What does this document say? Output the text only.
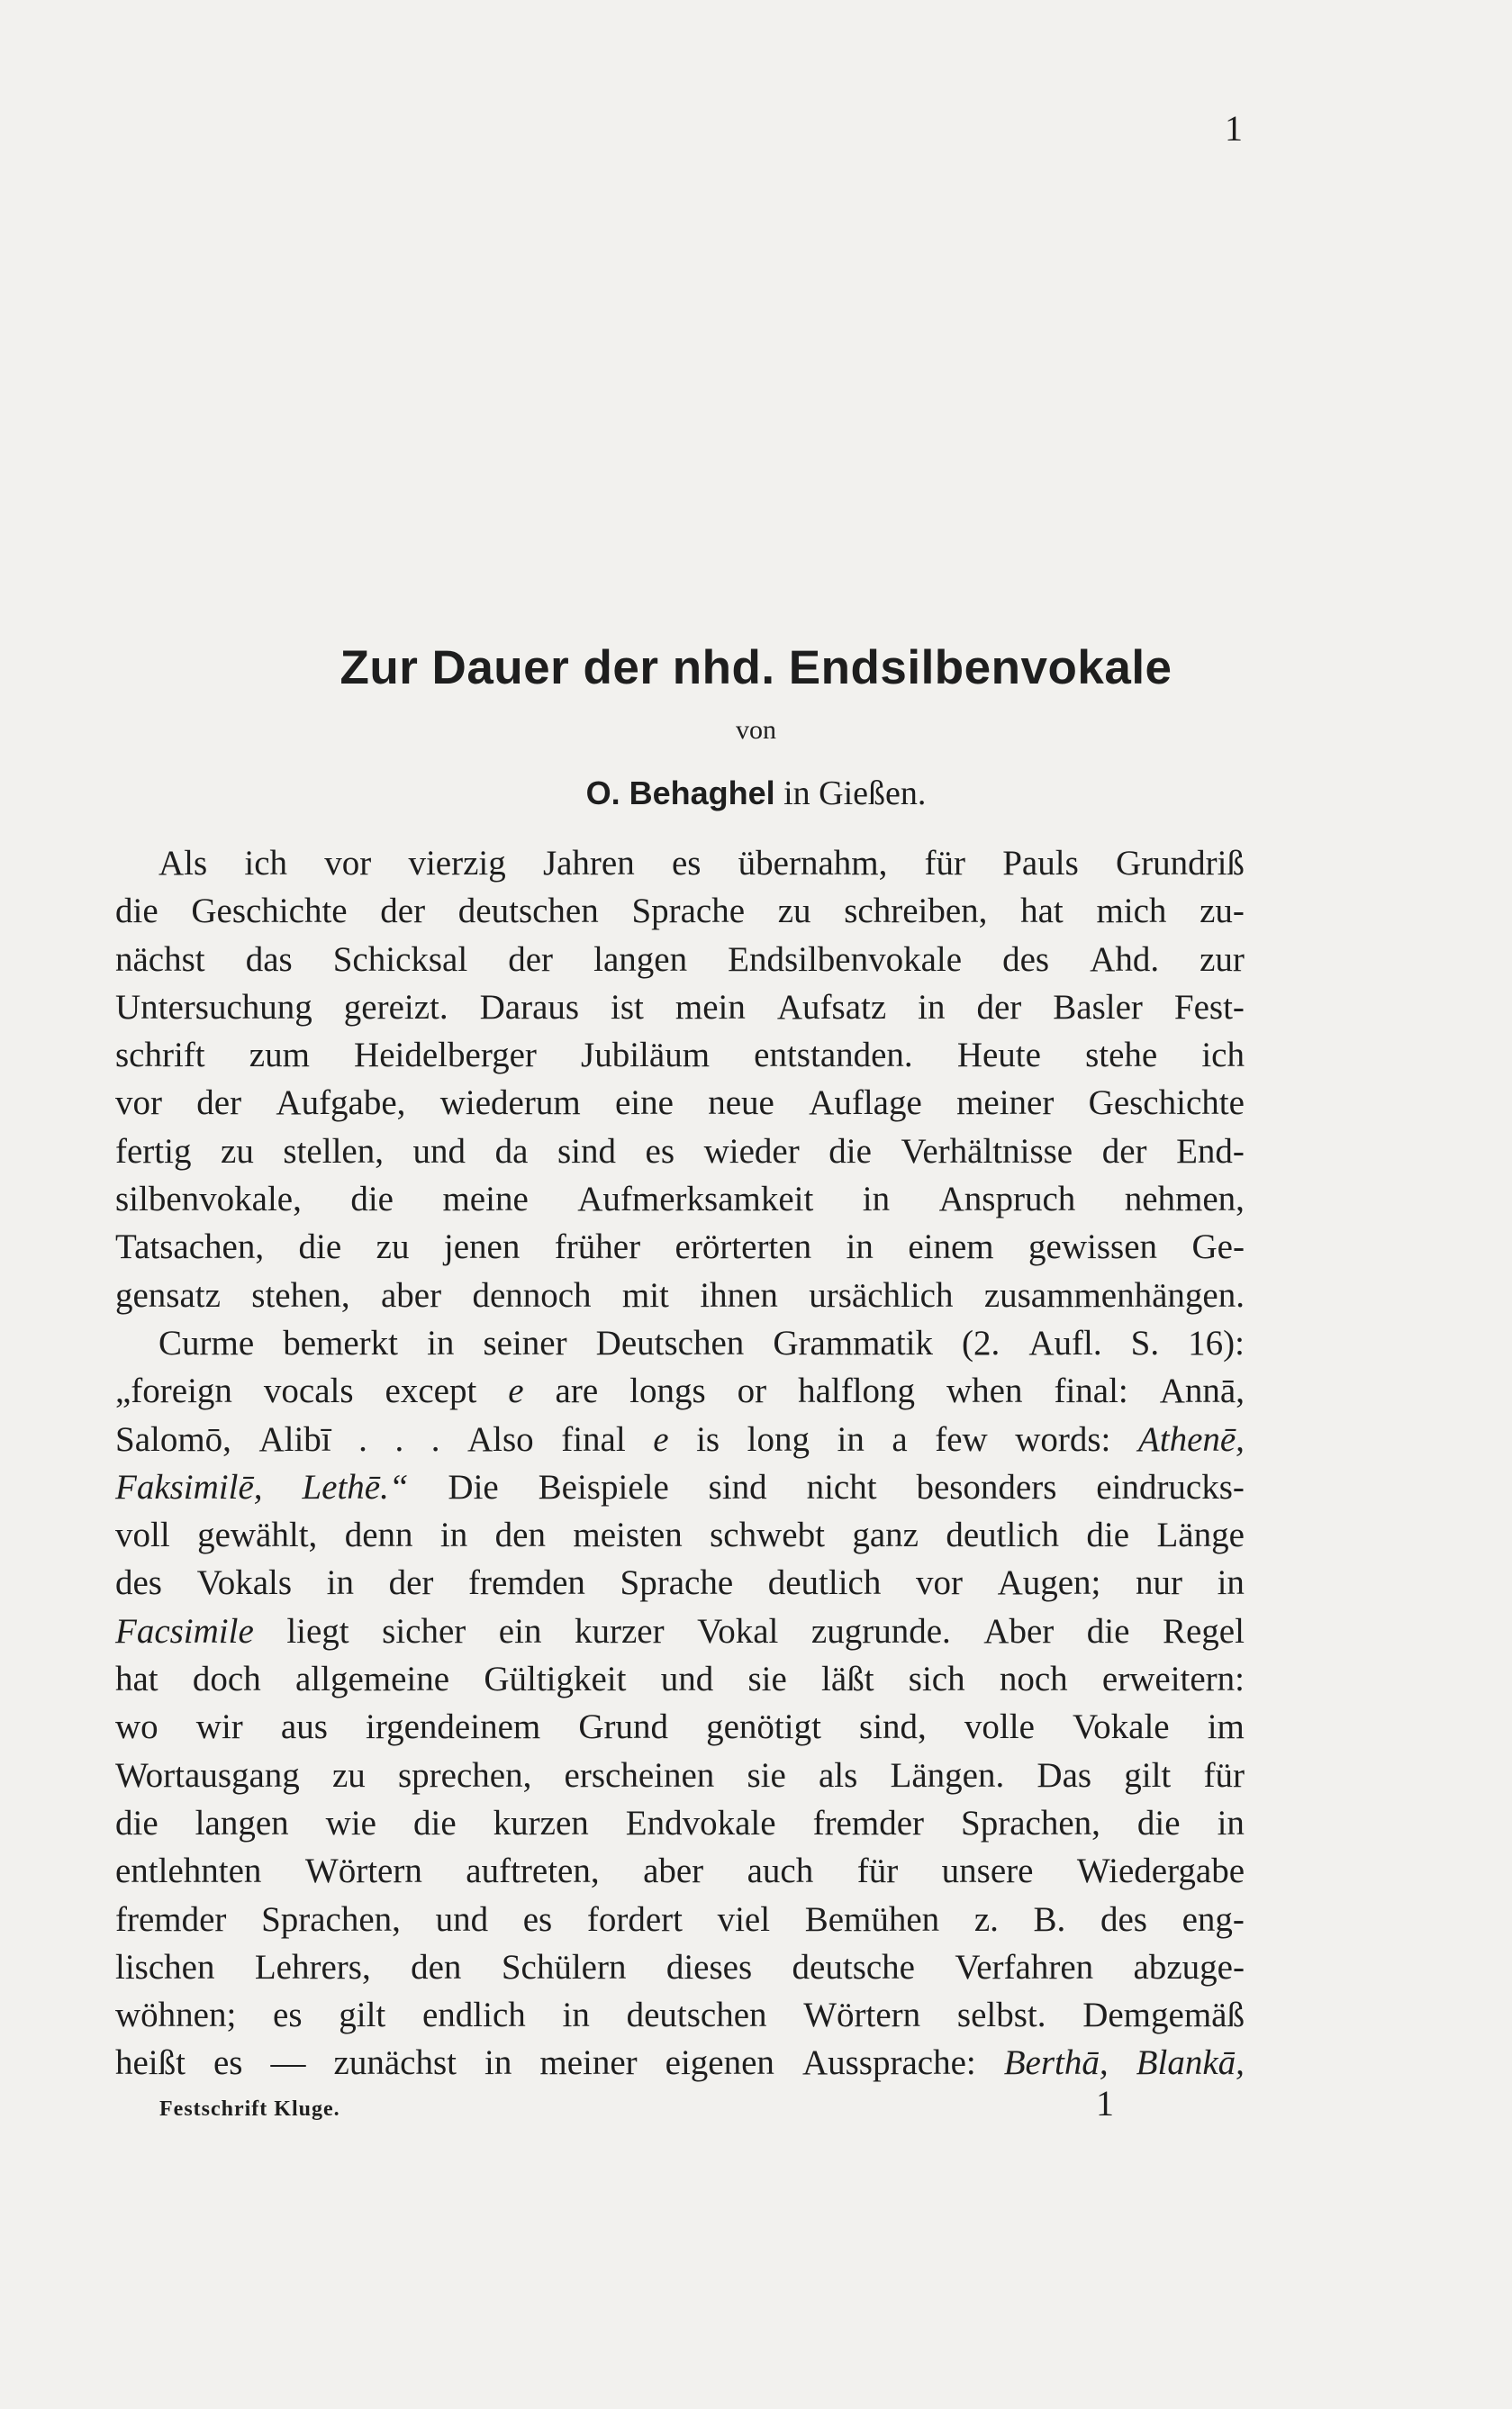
1
Zur Dauer der nhd. Endsilbenvokale
von
O. Behaghel in Gießen.
Als ich vor vierzig Jahren es übernahm, für Pauls Grundriß
die Geschichte der deutschen Sprache zu schreiben, hat mich zu-
nächst das Schicksal der langen Endsilbenvokale des Ahd. zur
Untersuchung gereizt. Daraus ist mein Aufsatz in der Basler Fest-
schrift zum Heidelberger Jubiläum entstanden. Heute stehe ich
vor der Aufgabe, wiederum eine neue Auflage meiner Geschichte
fertig zu stellen, und da sind es wieder die Verhältnisse der End-
silbenvokale, die meine Aufmerksamkeit in Anspruch nehmen,
Tatsachen, die zu jenen früher erörterten in einem gewissen Ge-
gensatz stehen, aber dennoch mit ihnen ursächlich zusammenhängen.
Curme bemerkt in seiner Deutschen Grammatik (2. Aufl. S. 16):
„foreign vocals except e are longs or halflong when final: Annā,
Salomō, Alibī . . . Also final e is long in a few words: Athenē,
Faksimilē, Lethē.“ Die Beispiele sind nicht besonders eindrucks-
voll gewählt, denn in den meisten schwebt ganz deutlich die Länge
des Vokals in der fremden Sprache deutlich vor Augen; nur in
Facsimile liegt sicher ein kurzer Vokal zugrunde. Aber die Regel
hat doch allgemeine Gültigkeit und sie läßt sich noch erweitern:
wo wir aus irgendeinem Grund genötigt sind, volle Vokale im
Wortausgang zu sprechen, erscheinen sie als Längen. Das gilt für
die langen wie die kurzen Endvokale fremder Sprachen, die in
entlehnten Wörtern auftreten, aber auch für unsere Wiedergabe
fremder Sprachen, und es fordert viel Bemühen z. B. des eng-
lischen Lehrers, den Schülern dieses deutsche Verfahren abzuge-
wöhnen; es gilt endlich in deutschen Wörtern selbst. Demgemäß
heißt es — zunächst in meiner eigenen Aussprache: Berthā, Blankā,
Festschrift Kluge.	1
